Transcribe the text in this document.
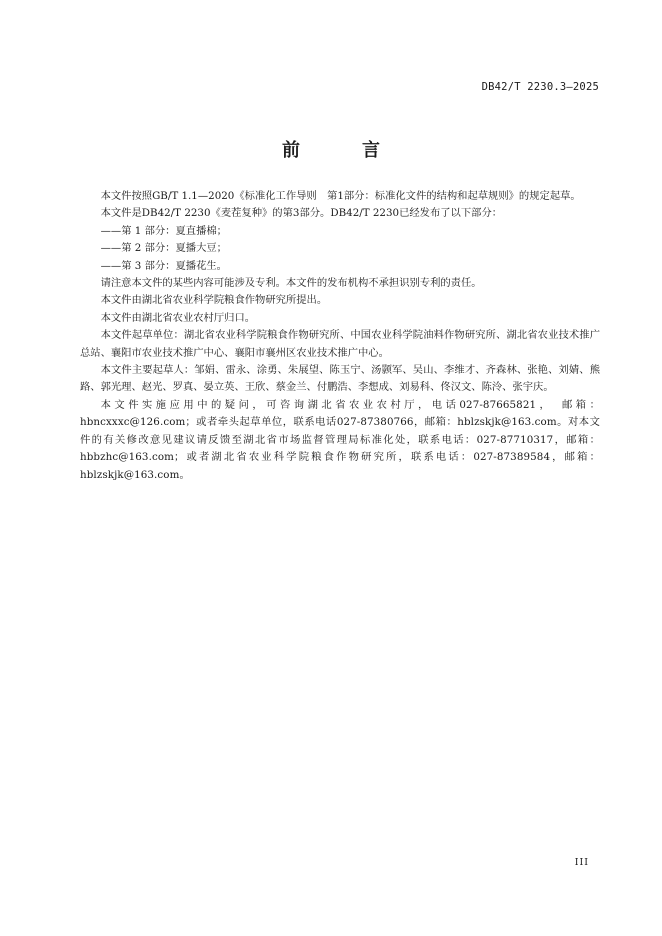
DB42/T 2230.3—2025
前　言

本文件按照GB/T 1.1—2020《标准化工作导则　第1部分：标准化文件的结构和起草规则》的规定起草。

本文件是DB42/T 2230《麦茬复种》的第3部分。DB42/T 2230已经发布了以下部分：

——第 1 部分：夏直播棉；

——第 2 部分：夏播大豆；

——第 3 部分：夏播花生。

请注意本文件的某些内容可能涉及专利。本文件的发布机构不承担识别专利的责任。

本文件由湖北省农业科学院粮食作物研究所提出。

本文件由湖北省农业农村厅归口。

本文件起草单位：湖北省农业科学院粮食作物研究所、中国农业科学院油料作物研究所、湖北省农业技术推广总站、襄阳市农业技术推广中心、襄阳市襄州区农业技术推广中心。

本文件主要起草人：邹娟、雷永、涂勇、朱展望、陈玉宁、汤颢军、吴山、李维才、齐森林、张艳、刘婧、熊路、郭光理、赵光、罗真、晏立英、王欣、蔡金兰、付鹏浩、李想成、刘易科、佟汉文、陈泠、张宇庆。

本文件实施应用中的疑问，可咨询湖北省农业农村厅，电话027-87665821，　邮箱：hbncxxxc@126.com；或者牵头起草单位，联系电话027-87380766，邮箱：hblzskjk@163.com。对本文件的有关修改意见建议请反馈至湖北省市场监督管理局标准化处，联系电话：027-87710317，邮箱：hbbzhc@163.com；或者湖北省农业科学院粮食作物研究所，联系电话：027-87389584，邮箱：hblzskjk@163.com。

III
